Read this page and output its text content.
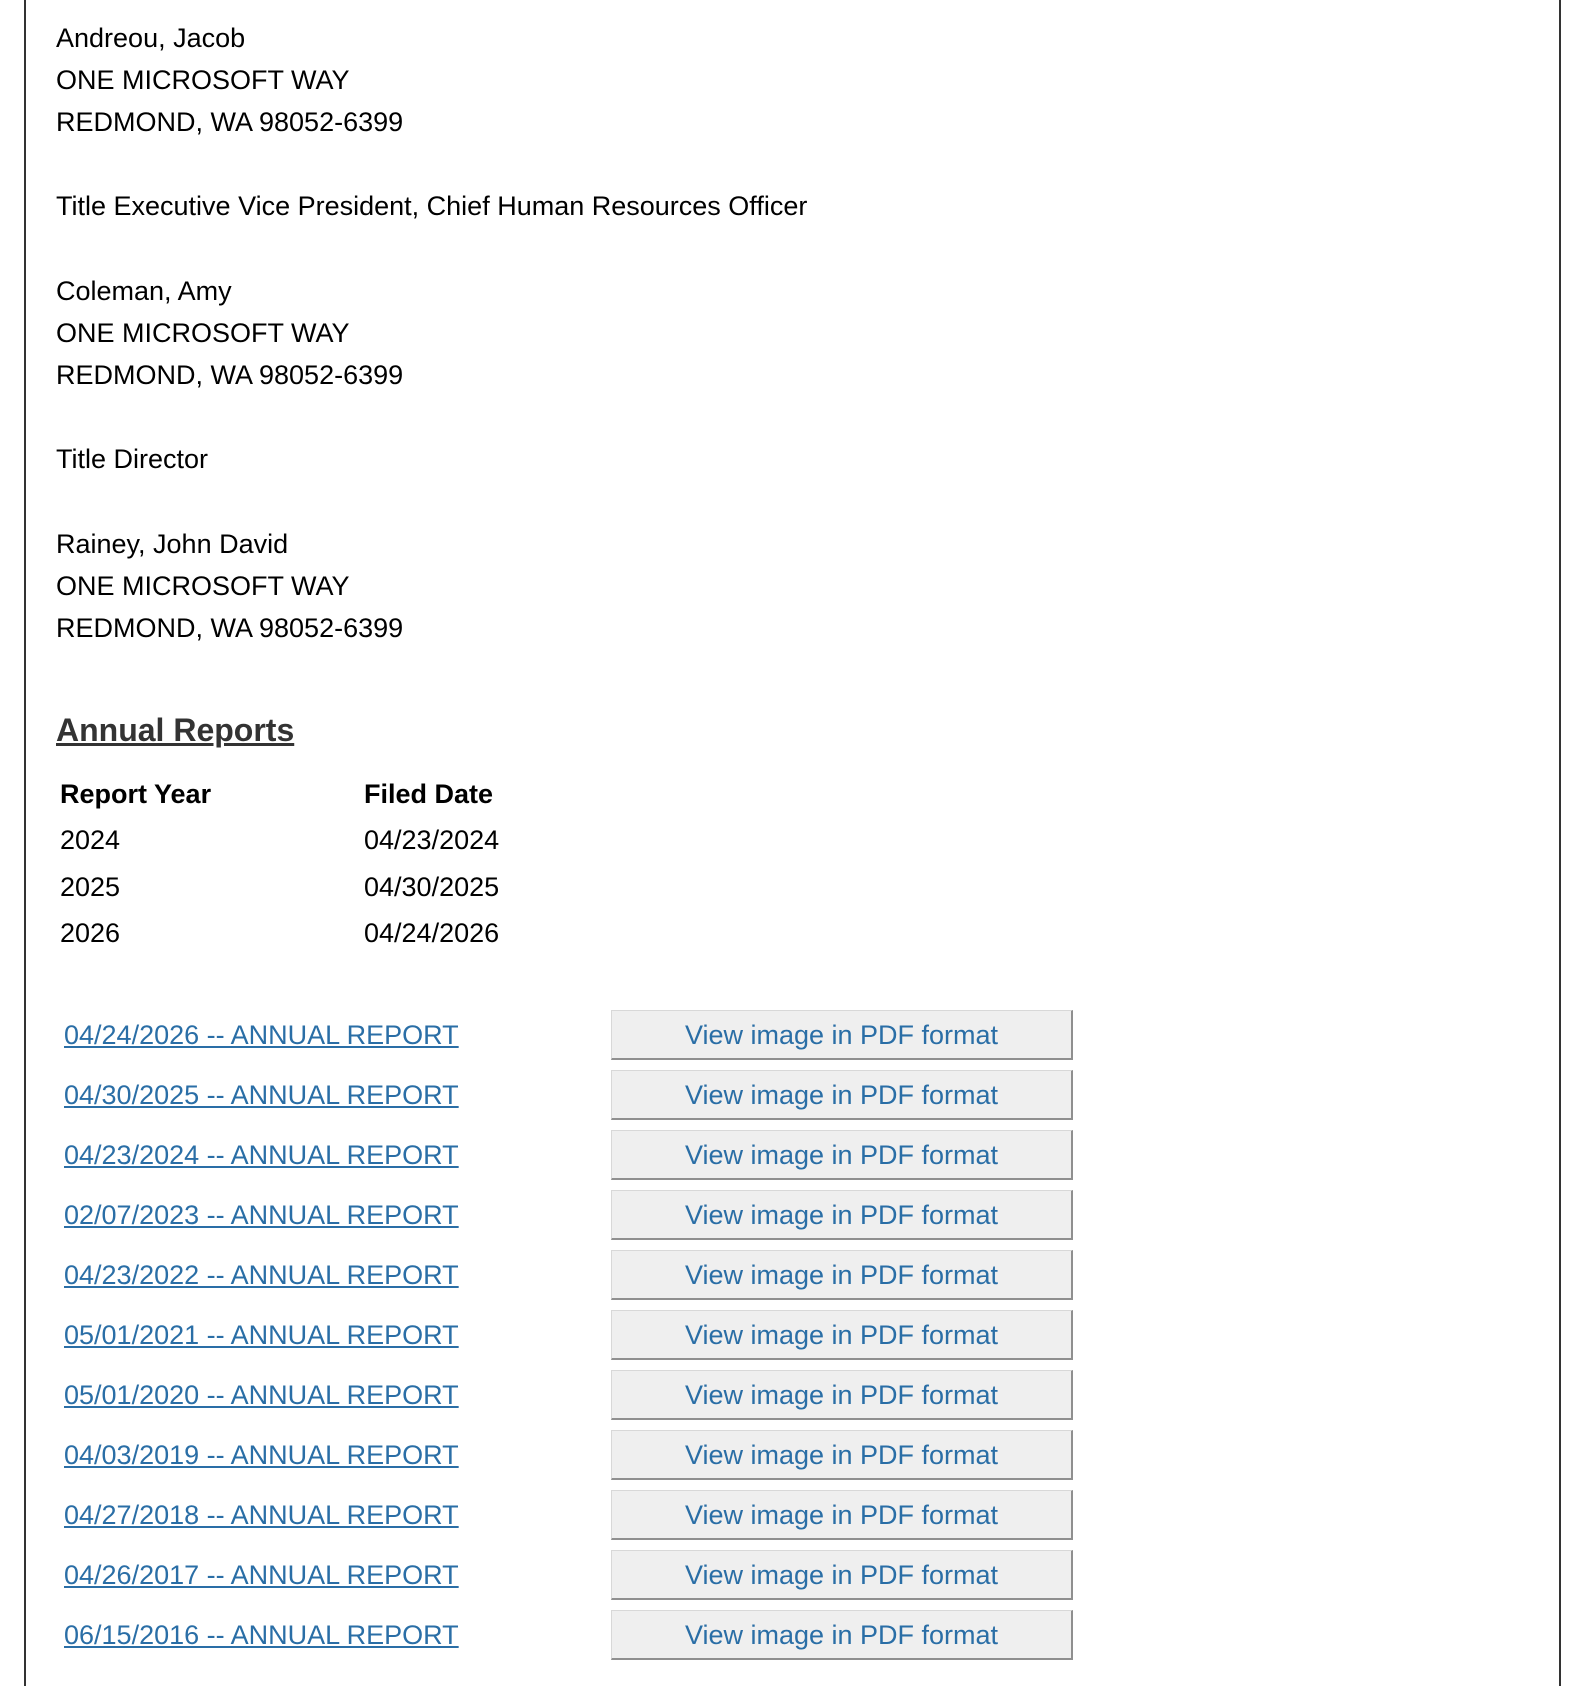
Andreou, Jacob
ONE MICROSOFT WAY
REDMOND, WA 98052-6399
Title Executive Vice President, Chief Human Resources Officer
Coleman, Amy
ONE MICROSOFT WAY
REDMOND, WA 98052-6399
Title Director
Rainey, John David
ONE MICROSOFT WAY
REDMOND, WA 98052-6399
Annual Reports
Report Year	Filed Date
2024	04/23/2024
2025	04/30/2025
2026	04/24/2026
04/24/2026 -- ANNUAL REPORT	View image in PDF format
04/30/2025 -- ANNUAL REPORT	View image in PDF format
04/23/2024 -- ANNUAL REPORT	View image in PDF format
02/07/2023 -- ANNUAL REPORT	View image in PDF format
04/23/2022 -- ANNUAL REPORT	View image in PDF format
05/01/2021 -- ANNUAL REPORT	View image in PDF format
05/01/2020 -- ANNUAL REPORT	View image in PDF format
04/03/2019 -- ANNUAL REPORT	View image in PDF format
04/27/2018 -- ANNUAL REPORT	View image in PDF format
04/26/2017 -- ANNUAL REPORT	View image in PDF format
06/15/2016 -- ANNUAL REPORT	View image in PDF format
